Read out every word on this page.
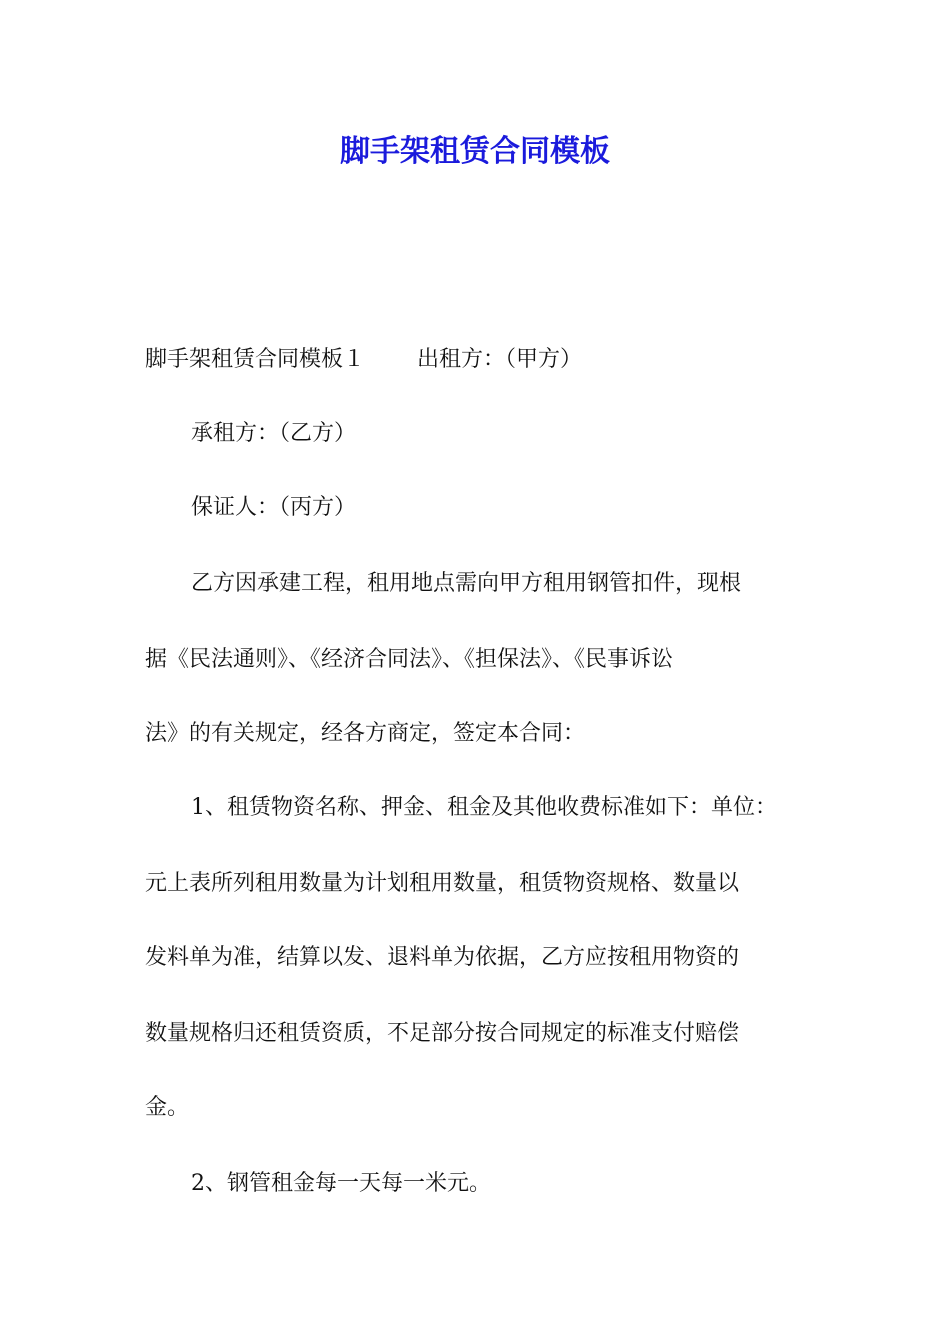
脚手架租赁合同模板
脚手架租赁合同模板１ 出租方：（甲方）
承租方：（乙方）
保证人：（丙方）
乙方因承建工程，租用地点需向甲方租用钢管扣件，现根
据《民法通则》、《经济合同法》、《担保法》、《民事诉讼
法》的有关规定，经各方商定，签定本合同：
1、租赁物资名称、押金、租金及其他收费标准如下：单位：
元上表所列租用数量为计划租用数量，租赁物资规格、数量以
发料单为准，结算以发、退料单为依据，乙方应按租用物资的
数量规格归还租赁资质，不足部分按合同规定的标准支付赔偿
金。
2、钢管租金每一天每一米元。
